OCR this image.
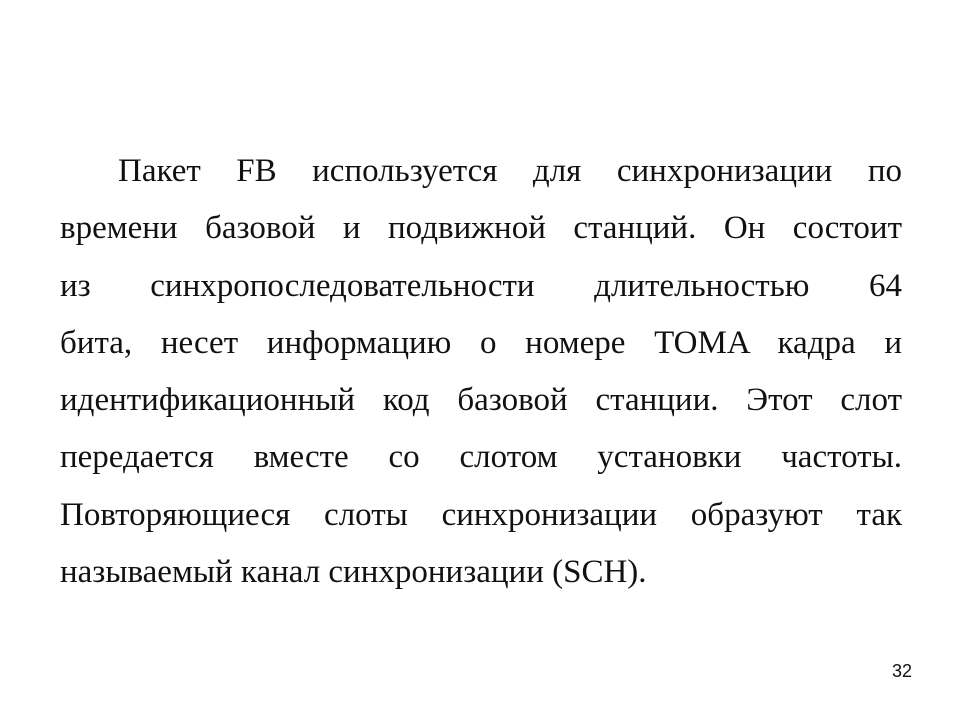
Пакет FB используется для синхронизации по
времени базовой и подвижной станций. Он состоит
из синхропоследовательности длительностью 64
бита, несет информацию о номере TOMA кадра и
идентификационный код базовой станции. Этот слот
передается вместе со слотом установки частоты.
Повторяющиеся слоты синхронизации образуют так
называемый канал синхронизации (SCH).
32
